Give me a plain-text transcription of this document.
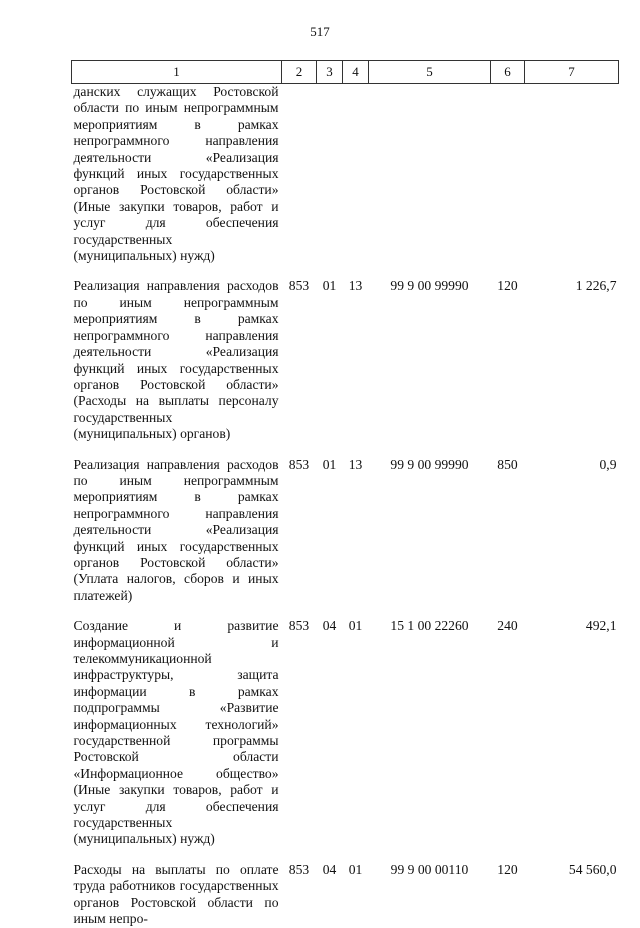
517
1	2	3	4	5	6	7
данских служащих Ростовской области по иным непрограммным мероприятиям в рамках непрограммного направления деятельности «Реализация функций иных государственных органов Ростовской области» (Иные закупки товаров, работ и услуг для обеспечения государственных (муниципальных) нужд)						

Реализация направления расходов по иным непрограммным мероприятиям в рамках непрограммного направления деятельности «Реализация функций иных государственных органов Ростовской области» (Расходы на выплаты персоналу государственных (муниципальных) органов)	853	01	13	99 9 00 99990	120	1 226,7

Реализация направления расходов по иным непрограммным мероприятиям в рамках непрограммного направления деятельности «Реализация функций иных государственных органов Ростовской области» (Уплата налогов, сборов и иных платежей)	853	01	13	99 9 00 99990	850	0,9

Создание и развитие информационной и телекоммуникационной инфраструктуры, защита информации в рамках подпрограммы «Развитие информационных технологий» государственной программы Ростовской области «Информационное общество» (Иные закупки товаров, работ и услуг для обеспечения государственных (муниципальных) нужд)	853	04	01	15 1 00 22260	240	492,1

Расходы на выплаты по оплате труда работников государственных органов Ростовской области по иным непро-	853	04	01	99 9 00 00110	120	54 560,0
